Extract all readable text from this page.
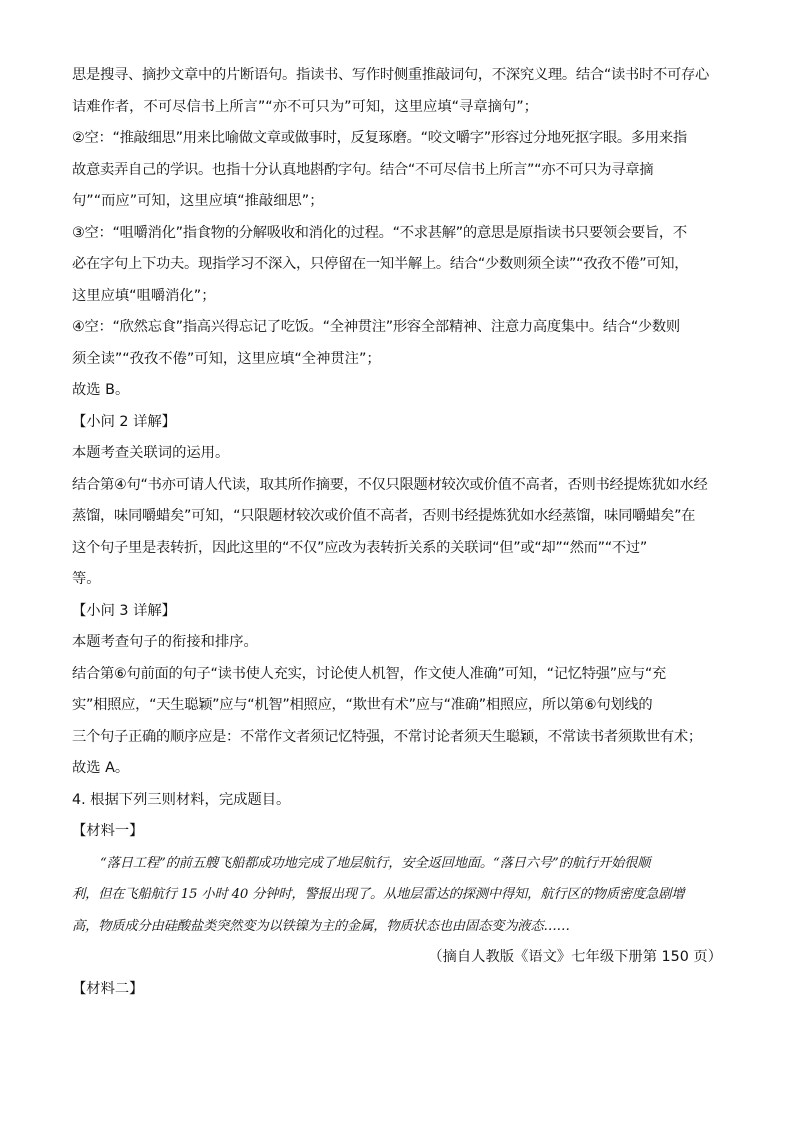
思是搜寻、摘抄文章中的片断语句。指读书、写作时侧重推敲词句，不深究义理。结合“读书时不可存心
诘难作者，不可尽信书上所言”“亦不可只为”可知，这里应填“寻章摘句”；
②空：“推敲细思”用来比喻做文章或做事时，反复琢磨。“咬文嚼字”形容过分地死抠字眼。多用来指
故意卖弄自己的学识。也指十分认真地斟酌字句。结合“不可尽信书上所言”“亦不可只为寻章摘
句”“而应”可知，这里应填“推敲细思”；
③空：“咀嚼消化”指食物的分解吸收和消化的过程。“不求甚解”的意思是原指读书只要领会要旨，不
必在字句上下功夫。现指学习不深入，只停留在一知半解上。结合“少数则须全读”“孜孜不倦”可知，
这里应填“咀嚼消化”；
④空：“欣然忘食”指高兴得忘记了吃饭。“全神贯注”形容全部精神、注意力高度集中。结合“少数则
须全读”“孜孜不倦”可知，这里应填“全神贯注”；
故选 B。
【小问 2 详解】
本题考查关联词的运用。
结合第④句“书亦可请人代读，取其所作摘要，不仅只限题材较次或价值不高者，否则书经提炼犹如水经
蒸馏，味同嚼蜡矣”可知，“只限题材较次或价值不高者，否则书经提炼犹如水经蒸馏，味同嚼蜡矣”在
这个句子里是表转折，因此这里的“不仅”应改为表转折关系的关联词“但”或“却”“然而”“不过”
等。
【小问 3 详解】
本题考查句子的衔接和排序。
结合第⑥句前面的句子“读书使人充实，讨论使人机智，作文使人准确”可知，“记忆特强”应与“充
实”相照应，“天生聪颖”应与“机智”相照应，“欺世有术”应与“准确”相照应，所以第⑥句划线的
三个句子正确的顺序应是：不常作文者须记忆特强，不常讨论者须天生聪颖，不常读书者须欺世有术；
故选 A。
4. 根据下列三则材料，完成题目。
【材料一】
“落日工程”的前五艘飞船都成功地完成了地层航行，安全返回地面。“落日六号”的航行开始很顺
利，但在飞船航行 15 小时 40 分钟时，警报出现了。从地层雷达的探测中得知，航行区的物质密度急剧增
高，物质成分由硅酸盐类突然变为以铁镍为主的金属，物质状态也由固态变为液态……
（摘自人教版《语文》七年级下册第 150 页）
【材料二】
